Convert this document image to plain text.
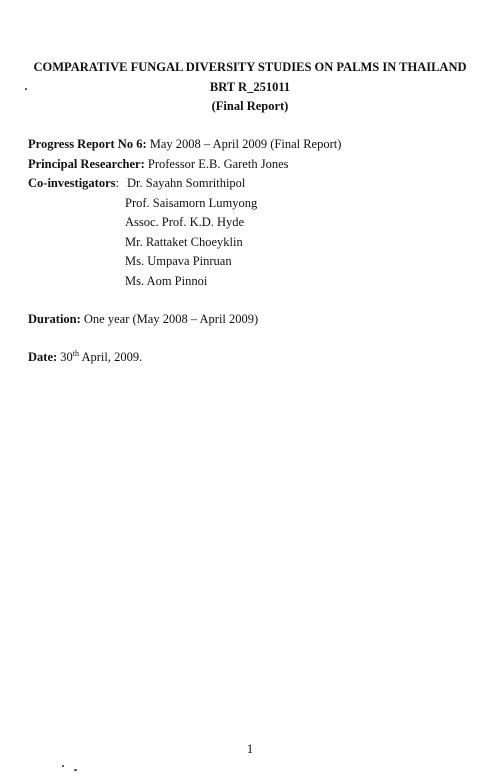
COMPARATIVE FUNGAL DIVERSITY STUDIES ON PALMS IN THAILAND
BRT R_251011
(Final Report)
Progress Report No 6: May 2008 – April 2009 (Final Report)
Principal Researcher: Professor E.B. Gareth Jones
Co-investigators: Dr. Sayahn Somrithipol
Prof. Saisamorn Lumyong
Assoc. Prof. K.D. Hyde
Mr. Rattaket Choeyklin
Ms. Umpava Pinruan
Ms. Aom Pinnoi
Duration: One year (May 2008 – April 2009)
Date: 30th April, 2009.
1
